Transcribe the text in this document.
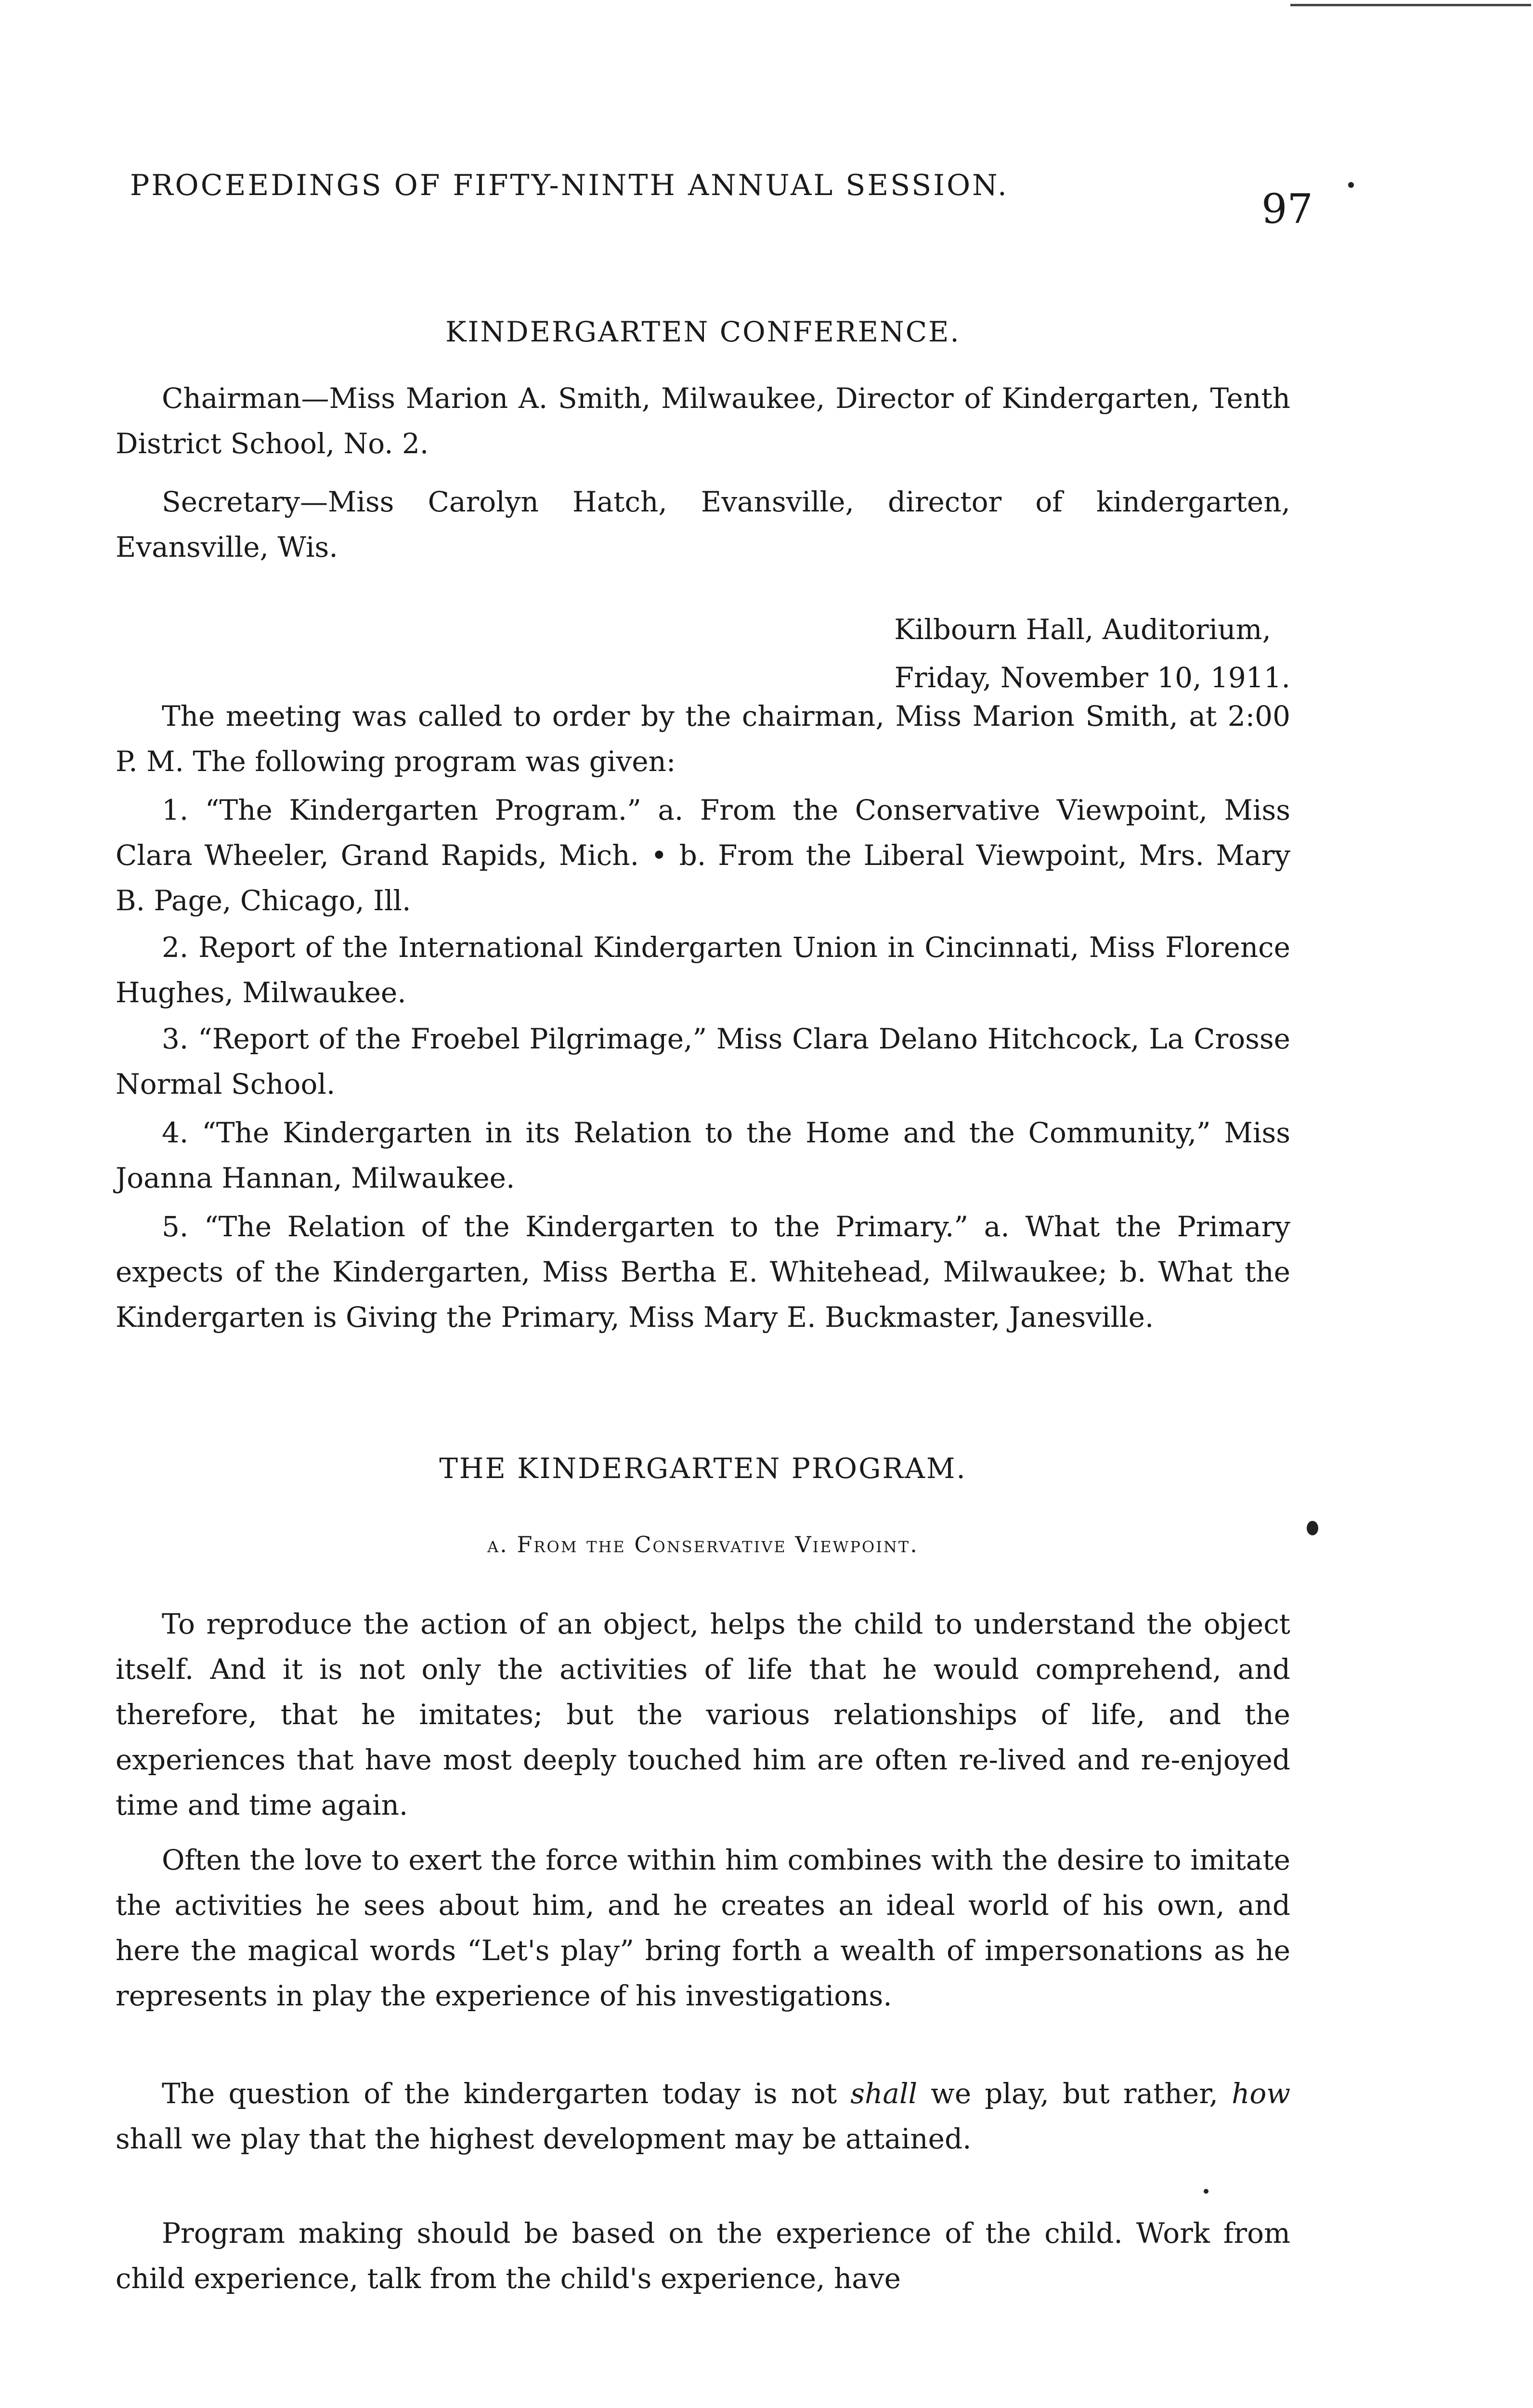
PROCEEDINGS OF FIFTY-NINTH ANNUAL SESSION.	97
KINDERGARTEN CONFERENCE.

Chairman—Miss Marion A. Smith, Milwaukee, Director of Kindergarten, Tenth District School, No. 2.

Secretary—Miss Carolyn Hatch, Evansville, director of kindergarten, Evansville, Wis.

Kilbourn Hall, Auditorium,
Friday, November 10, 1911.

The meeting was called to order by the chairman, Miss Marion Smith, at 2:00 P. M. The following program was given:

1. “The Kindergarten Program.” a. From the Conservative Viewpoint, Miss Clara Wheeler, Grand Rapids, Mich. • b. From the Liberal Viewpoint, Mrs. Mary B. Page, Chicago, Ill.

2. Report of the International Kindergarten Union in Cincinnati, Miss Florence Hughes, Milwaukee.

3. “Report of the Froebel Pilgrimage,” Miss Clara Delano Hitchcock, La Crosse Normal School.

4. “The Kindergarten in its Relation to the Home and the Community,” Miss Joanna Hannan, Milwaukee.

5. “The Relation of the Kindergarten to the Primary.” a. What the Primary expects of the Kindergarten, Miss Bertha E. Whitehead, Milwaukee; b. What the Kindergarten is Giving the Primary, Miss Mary E. Buckmaster, Janesville.

THE KINDERGARTEN PROGRAM.
a. From the Conservative Viewpoint.

To reproduce the action of an object, helps the child to understand the object itself. And it is not only the activities of life that he would comprehend, and therefore, that he imitates; but the various relationships of life, and the experiences that have most deeply touched him are often re-lived and re-enjoyed time and time again.

Often the love to exert the force within him combines with the desire to imitate the activities he sees about him, and he creates an ideal world of his own, and here the magical words “Let's play” bring forth a wealth of impersonations as he represents in play the experience of his investigations.

The question of the kindergarten today is not shall we play, but rather, how shall we play that the highest development may be attained.

Program making should be based on the experience of the child. Work from child experience, talk from the child's experience, have
